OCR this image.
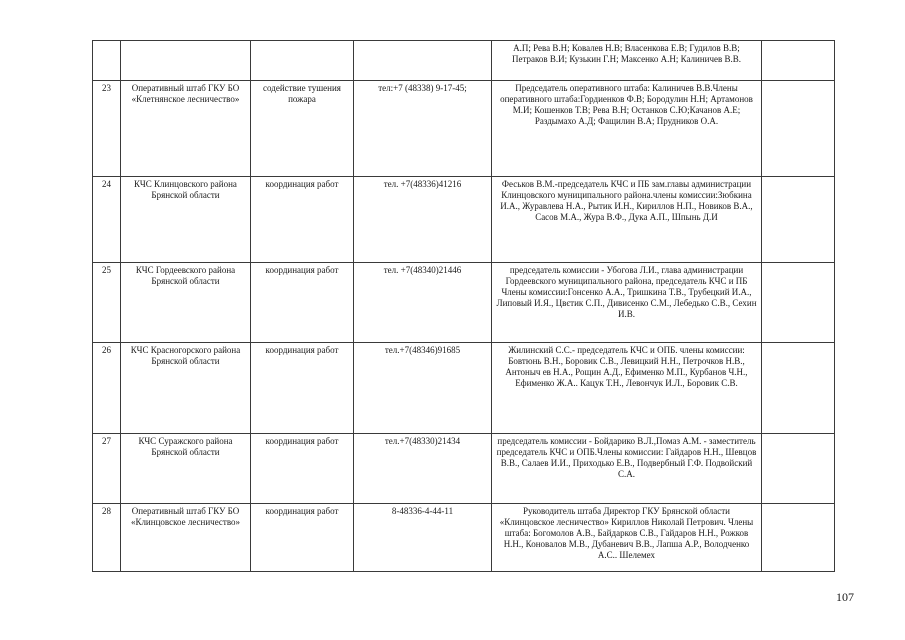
				А.П; Рева В.Н; Ковалев Н.В; Власенкова Е.В; Гудилов В.В; Петраков В.И; Кузькин Г.Н; Максенко А.Н; Калиничев В.В.	
23	Оперативный штаб ГКУ БО «Клетнянское лесничество»	содействие тушения пожара	тел:+7 (48338) 9-17-45;	Председатель оперативного штаба: Калиничев В.В.Члены оперативного штаба:Гордиенков Ф.В; Бородулин Н.Н; Артамонов М.И; Кошенков Т.В; Рева В.Н; Останков С.Ю;Качанов А.Е; Раздымахо А.Д; Фащилин В.А; Прудников О.А.	
24	КЧС Клинцовского района Брянской области	координация работ	тел. +7(48336)41216	Феськов В.М.-председатель КЧС и ПБ зам.главы администрации Клинцовского муниципального района.члены комиссии:Зюбкина И.А., Журавлева Н.А., Рытик И.Н., Кириллов Н.П., Новиков В.А., Сасов М.А., Жура В.Ф., Дука А.П., Шпынь Д.И	
25	КЧС Гордеевского района Брянской области	координация работ	тел. +7(48340)21446	председатель комиссии - Убогова Л.И., глава администрации Гордеевского муниципального района, председатель КЧС и ПБ Члены комиссии:Гонсенко А.А., Тришкина Т.В., Трубецкий И.А., Липовый И.Я., Цвєтик С.П., Дивисенко С.М., Лебедько С.В., Сехин И.В.	
26	КЧС Красногорского района Брянской области	координация работ	тел.+7(48346)91685	Жилинский С.С.- председатель КЧС и ОПБ. члены комиссии: Бовтюнь В.Н., Боровик С.В., Левицкий Н.Н., Петрочков Н.В., Антоныч ев Н.А., Рощин А.Д., Ефименко М.П., Курбанов Ч.Н., Ефименко Ж.А.. Кацук Т.Н., Левончук И.Л., Боровик С.В.	
27	КЧС Суражского района Брянской области	координация работ	тел.+7(48330)21434	председатель комиссии - Бойдарико В.Л.,Помаз А.М. - заместитель председатель КЧС и ОПБ.Члены комиссии: Гайдаров Н.Н., Шевцов В.В., Салаев И.И., Приходько Е.В., Подвербный Г.Ф. Подвойский С.А.	
28	Оперативный штаб ГКУ БО «Клинцовское лесничество»	координация работ	8-48336-4-44-11	Руководитель штаба Директор ГКУ Брянской области «Клинцовское лесничество» Кириллов Николай Петрович. Члены штаба: Богомолов А.В., Байдарков С.В., Гайдаров Н.Н., Рожков Н.Н., Коновалов М.В., Дубаневич В.В., Лапша А.Р., Володченко А.С.. Шелемех	
107
